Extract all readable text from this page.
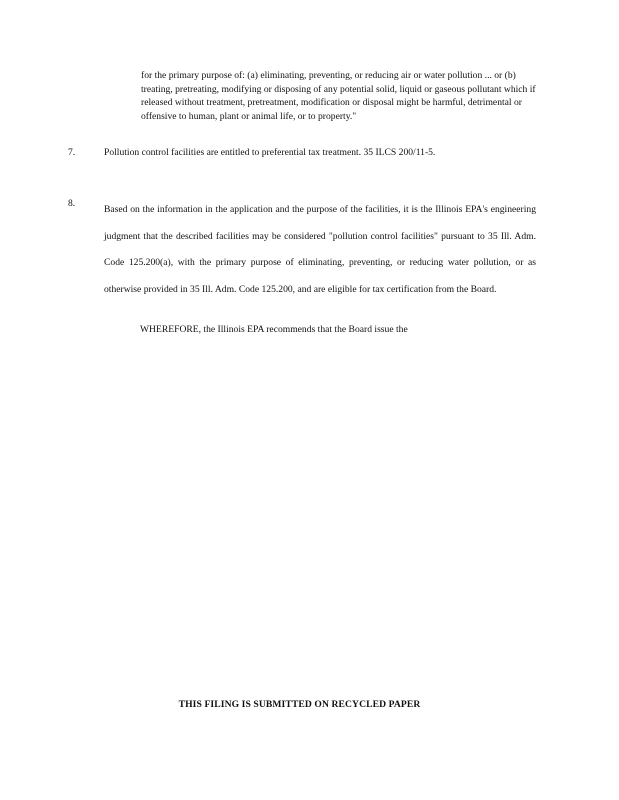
for the primary purpose of: (a) eliminating, preventing, or reducing air or water pollution ... or (b) treating, pretreating, modifying or disposing of any potential solid, liquid or gaseous pollutant which if released without treatment, pretreatment, modification or disposal might be harmful, detrimental or offensive to human, plant or animal life, or to property."
7.	Pollution control facilities are entitled to preferential tax treatment. 35 ILCS 200/11-5.
8.
Based on the information in the application and the purpose of the facilities, it is the Illinois EPA's engineering judgment that the described facilities may be considered "pollution control facilities" pursuant to 35 Ill. Adm. Code 125.200(a), with the primary purpose of eliminating, preventing, or reducing water pollution, or as otherwise provided in 35 Ill. Adm. Code 125.200, and are eligible for tax certification from the Board.
WHEREFORE, the Illinois EPA recommends that the Board issue the
THIS FILING IS SUBMITTED ON RECYCLED PAPER
